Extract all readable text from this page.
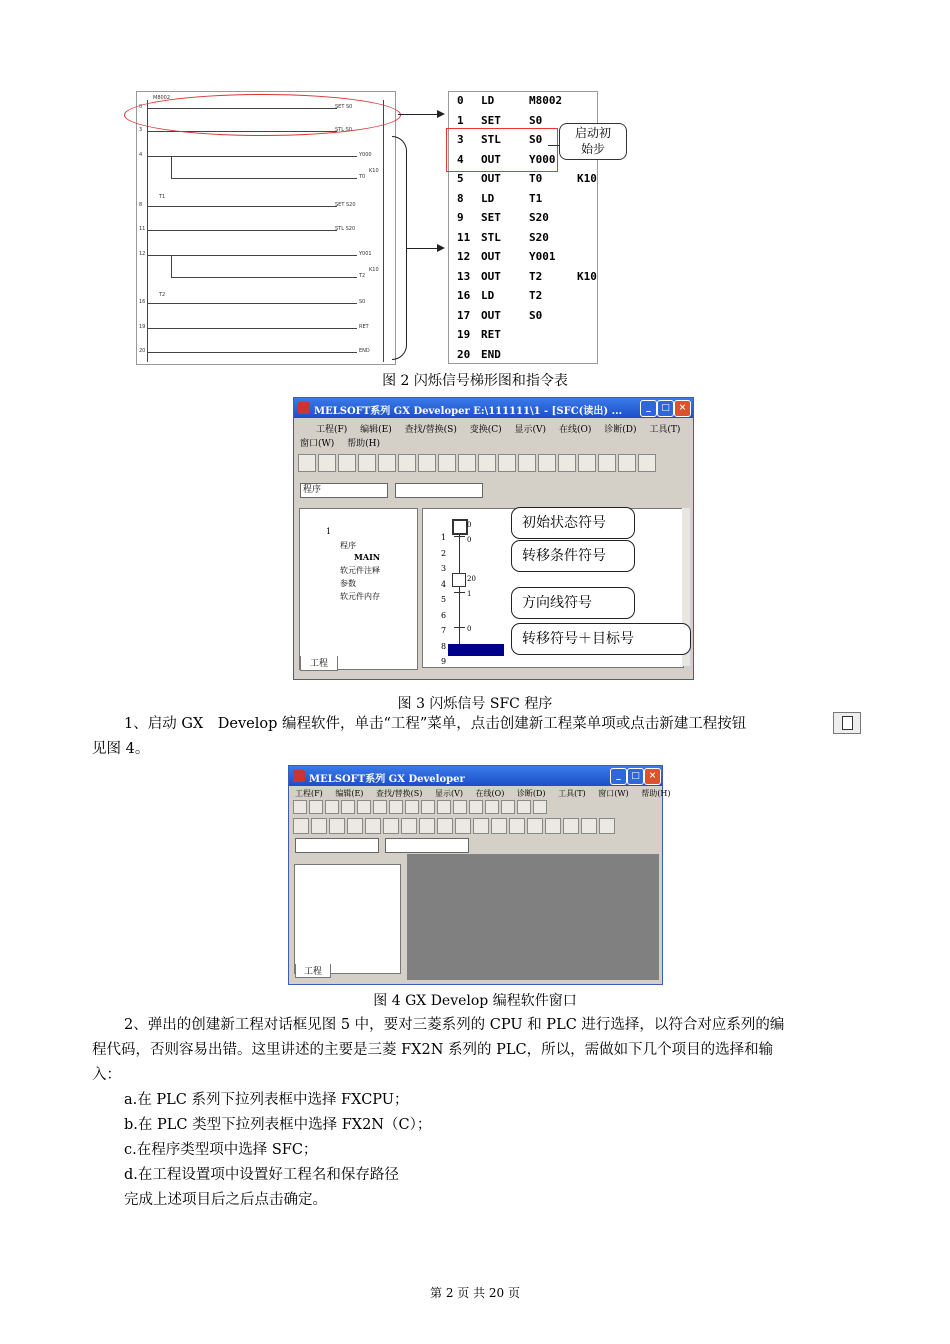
M8002
0	SET S0
3	STL S0
4	Y000
T0
K10
T1
8	SET S20
11	STL S20
12	Y001
T2
K10
T2
16	S0
19	RET
20	END
0 LD	M8002
1 SET	S0
3 STL	S0
4 OUT	Y000
5 OUT	T0	K10
8 LD	T1
9 SET	S20
11 STL	S20
12 OUT	Y001
13 OUT	T2	K10
16 LD	T2
17 OUT	S0
19 RET
20 END
启动初
始步
图 2 闪烁信号梯形图和指令表
MELSOFT系列 GX Developer E:\111111\1 - [SFC(读出) ...	_	□ ×
工程(F) 编辑(E) 查找/替换(S) 变换(C) 显示(V) 在线(O) 诊断(D) 工具(T)
窗口(W) 帮助(H)
程序
1
程序
MAIN
软元件注释
参数
软元件内存
工程
1
2
3
4
5
6
7
8
9
0
0
20
1
0
初始状态符号
转移条件符号
方向线符号
转移符号＋目标号
图 3 闪烁信号 SFC 程序
1、启动 GX　Develop 编程软件，单击“工程”菜单，点击创建新工程菜单项或点击新建工程按钮
见图 4。
MELSOFT系列 GX Developer	_	□ ×
工程(F) 编辑(E) 查找/替换(S) 显示(V) 在线(O) 诊断(D) 工具(T) 窗口(W) 帮助(H)
工程
图 4 GX Develop 编程软件窗口
2、弹出的创建新工程对话框见图 5 中，要对三菱系列的 CPU 和 PLC 进行选择，以符合对应系列的编
程代码，否则容易出错。这里讲述的主要是三菱 FX2N 系列的 PLC，所以，需做如下几个项目的选择和输
入：
a.在 PLC 系列下拉列表框中选择 FXCPU；
b.在 PLC 类型下拉列表框中选择 FX2N（C）；
c.在程序类型项中选择 SFC；
d.在工程设置项中设置好工程名和保存路径
完成上述项目后之后点击确定。
第 2 页 共 20 页
